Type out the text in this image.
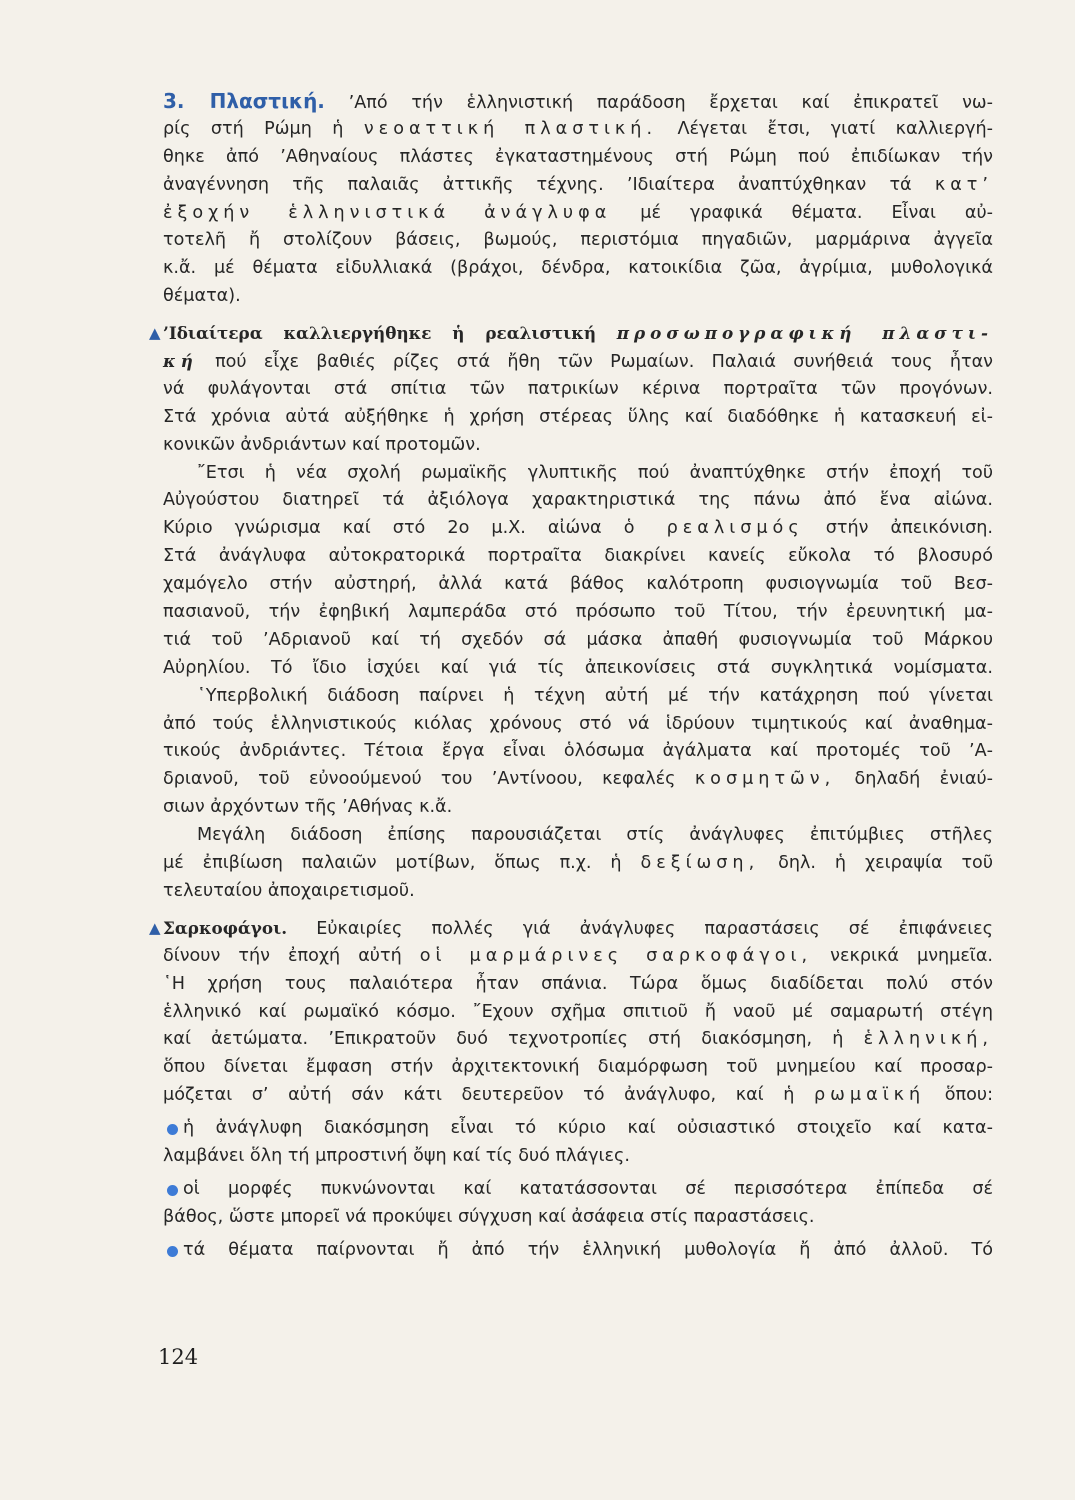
3. Πλαστική. ’Από τήν ἑλληνιστική παράδοση ἔρχεται καί ἐπικρατεῖ νω-
ρίς στή Ρώμη ἡ νεοαττική πλαστική. Λέγεται ἔτσι, γιατί καλλιεργή-
θηκε ἀπό ’Αθηναίους πλάστες ἐγκαταστημένους στή Ρώμη πού ἐπιδίωκαν τήν
ἀναγέννηση τῆς παλαιᾶς ἀττικῆς τέχνης. ’Ιδιαίτερα ἀναπτύχθηκαν τά κατ’
ἐξοχήν ἑλληνιστικά ἀνάγλυφα μέ γραφικά θέματα. Εἶναι αὐ-
τοτελῆ ἤ στολίζουν βάσεις, βωμούς, περιστόμια πηγαδιῶν, μαρμάρινα ἀγγεῖα
κ.ἄ. μέ θέματα εἰδυλλιακά (βράχοι, δένδρα, κατοικίδια ζῶα, ἀγρίμια, μυθολογικά
θέματα).
▲ ’Ιδιαίτερα καλλιεργήθηκε ἡ ρεαλιστική προσωπογραφική πλαστι-
κή πού εἶχε βαθιές ρίζες στά ἤθη τῶν Ρωμαίων. Παλαιά συνήθειά τους ἦταν
νά φυλάγονται στά σπίτια τῶν πατρικίων κέρινα πορτραῖτα τῶν προγόνων.
Στά χρόνια αὐτά αὐξήθηκε ἡ χρήση στέρεας ὕλης καί διαδόθηκε ἡ κατασκευή εἰ-
κονικῶν ἀνδριάντων καί προτομῶν.
῎Ετσι ἡ νέα σχολή ρωμαϊκῆς γλυπτικῆς πού ἀναπτύχθηκε στήν ἐποχή τοῦ
Αὐγούστου διατηρεῖ τά ἀξιόλογα χαρακτηριστικά της πάνω ἀπό ἕνα αἰώνα.
Κύριο γνώρισμα καί στό 2ο μ.Χ. αἰώνα ὁ ρεαλισμός στήν ἀπεικόνιση.
Στά ἀνάγλυφα αὐτοκρατορικά πορτραῖτα διακρίνει κανείς εὔκολα τό βλοσυρό
χαμόγελο στήν αὐστηρή, ἀλλά κατά βάθος καλότροπη φυσιογνωμία τοῦ Βεσ-
πασιανοῦ, τήν ἐφηβική λαμπεράδα στό πρόσωπο τοῦ Τίτου, τήν ἐρευνητική μα-
τιά τοῦ ’Αδριανοῦ καί τή σχεδόν σά μάσκα ἀπαθή φυσιογνωμία τοῦ Μάρκου
Αὐρηλίου. Τό ἴδιο ἰσχύει καί γιά τίς ἀπεικονίσεις στά συγκλητικά νομίσματα.
῾Υπερβολική διάδοση παίρνει ἡ τέχνη αὐτή μέ τήν κατάχρηση πού γίνεται
ἀπό τούς ἑλληνιστικούς κιόλας χρόνους στό νά ἱδρύουν τιμητικούς καί ἀναθημα-
τικούς ἀνδριάντες. Τέτοια ἔργα εἶναι ὁλόσωμα ἀγάλματα καί προτομές τοῦ ’Α-
δριανοῦ, τοῦ εὐνοούμενού του ’Αντίνοου, κεφαλές κοσμητῶν, δηλαδή ἐνιαύ-
σιων ἀρχόντων τῆς ’Αθήνας κ.ἄ.
Μεγάλη διάδοση ἐπίσης παρουσιάζεται στίς ἀνάγλυφες ἐπιτύμβιες στῆλες
μέ ἐπιβίωση παλαιῶν μοτίβων, ὅπως π.χ. ἡ δεξίωση, δηλ. ἡ χειραψία τοῦ
τελευταίου ἀποχαιρετισμοῦ.
▲ Σαρκοφάγοι. Εὐκαιρίες πολλές γιά ἀνάγλυφες παραστάσεις σέ ἐπιφάνειες
δίνουν τήν ἐποχή αὐτή οἱ μαρμάρινες σαρκοφάγοι, νεκρικά μνημεῖα.
῾Η χρήση τους παλαιότερα ἦταν σπάνια. Τώρα ὅμως διαδίδεται πολύ στόν
ἑλληνικό καί ρωμαϊκό κόσμο. ῎Εχουν σχῆμα σπιτιοῦ ἤ ναοῦ μέ σαμαρωτή στέγη
καί ἀετώματα. ’Επικρατοῦν δυό τεχνοτροπίες στή διακόσμηση, ἡ ἑλληνική,
ὅπου δίνεται ἔμφαση στήν ἀρχιτεκτονική διαμόρφωση τοῦ μνημείου καί προσαρ-
μόζεται σ’ αὐτή σάν κάτι δευτερεῦον τό ἀνάγλυφο, καί ἡ ρωμαϊκή ὅπου:
ἡ ἀνάγλυφη διακόσμηση εἶναι τό κύριο καί οὐσιαστικό στοιχεῖο καί κατα-
λαμβάνει ὅλη τή μπροστινή ὄψη καί τίς δυό πλάγιες.
οἱ μορφές πυκνώνονται καί κατατάσσονται σέ περισσότερα ἐπίπεδα σέ
βάθος, ὥστε μπορεῖ νά προκύψει σύγχυση καί ἀσάφεια στίς παραστάσεις.
τά θέματα παίρνονται ἤ ἀπό τήν ἑλληνική μυθολογία ἤ ἀπό ἀλλοῦ. Τό
124
